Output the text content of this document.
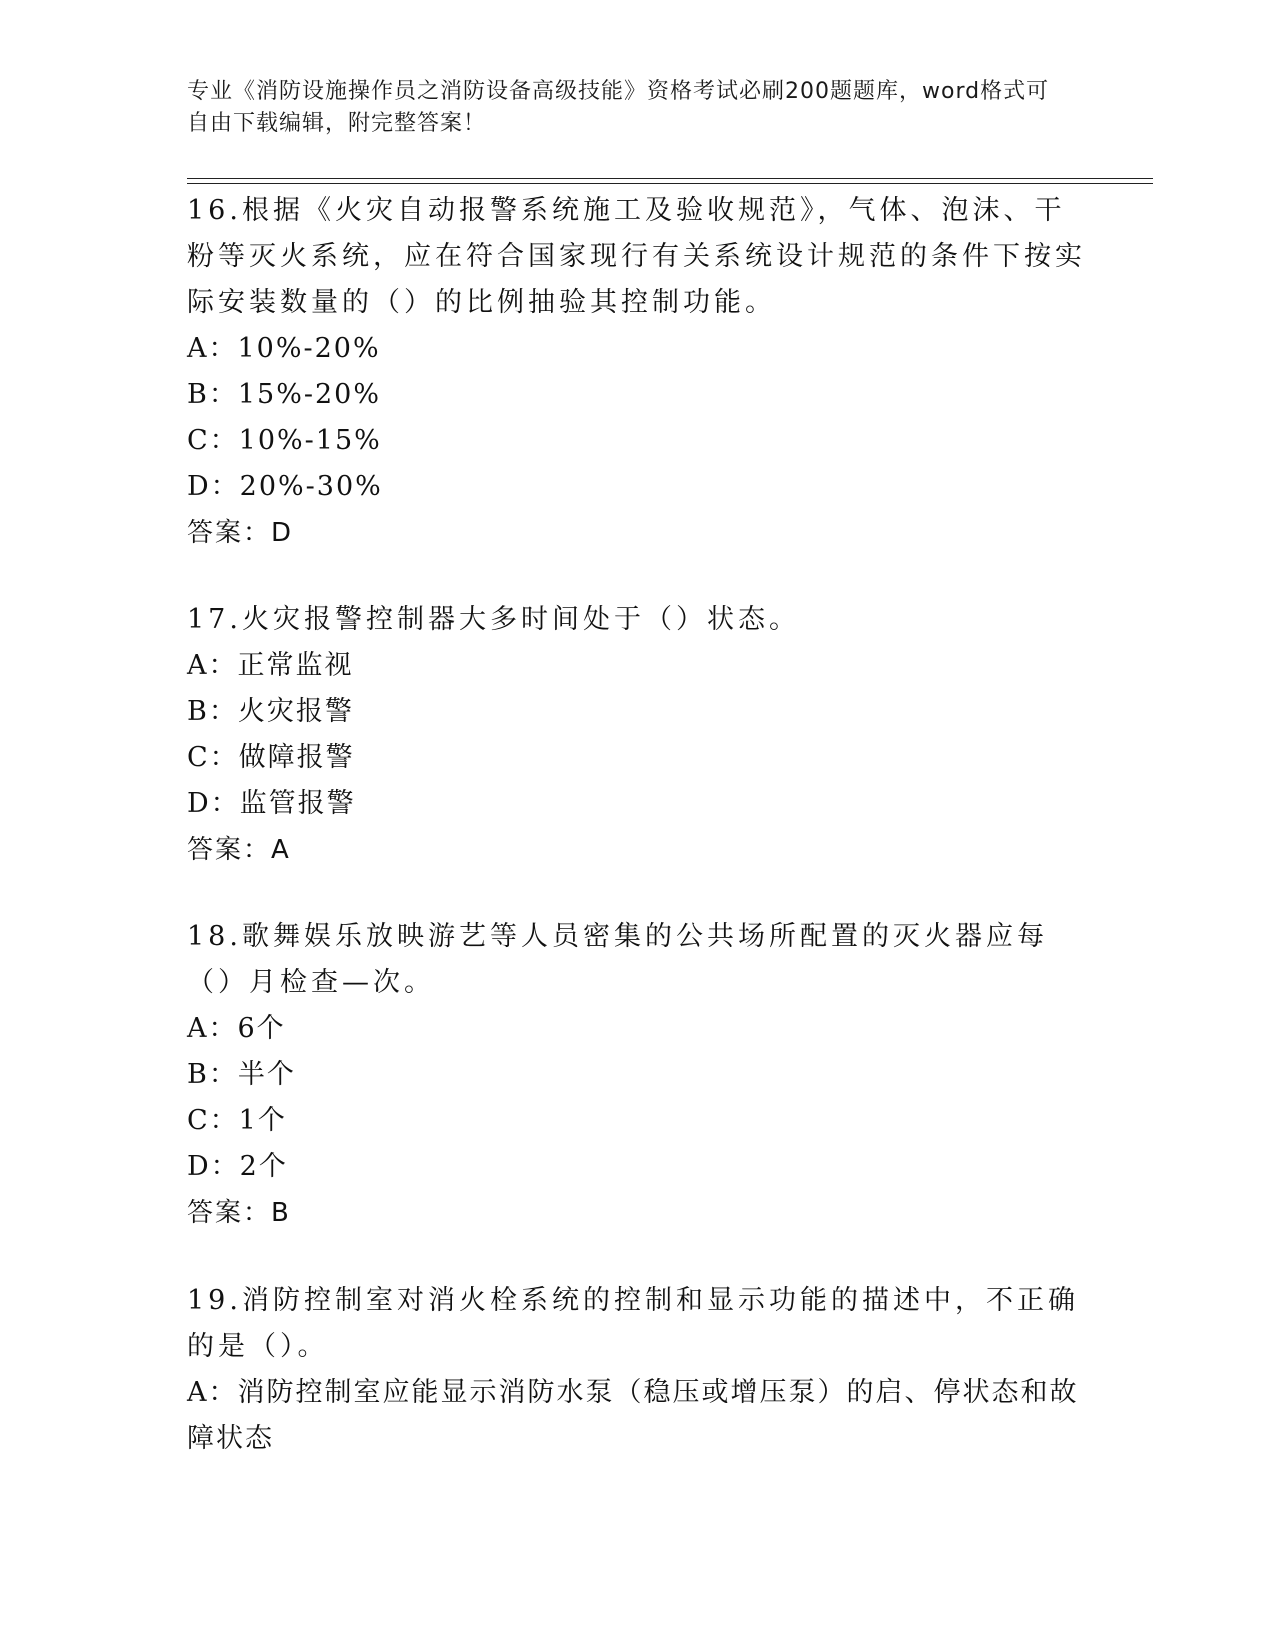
专业《消防设施操作员之消防设备高级技能》资格考试必刷200题题库，word格式可自由下载编辑，附完整答案！

16.根据《火灾自动报警系统施工及验收规范》，气体、泡沫、干粉等灭火系统，应在符合国家现行有关系统设计规范的条件下按实际安装数量的（）的比例抽验其控制功能。

A：10%-20%

B：15%-20%

C：10%-15%

D：20%-30%

答案：D

17.火灾报警控制器大多时间处于（）状态。

A：正常监视

B：火灾报警

C：做障报警

D：监管报警

答案：A

18.歌舞娱乐放映游艺等人员密集的公共场所配置的灭火器应每（）月检查—次。

A：6个

B：半个

C：1个

D：2个

答案：B

19.消防控制室对消火栓系统的控制和显示功能的描述中，不正确的是（）。

A：消防控制室应能显示消防水泵（稳压或增压泵）的启、停状态和故障状态
